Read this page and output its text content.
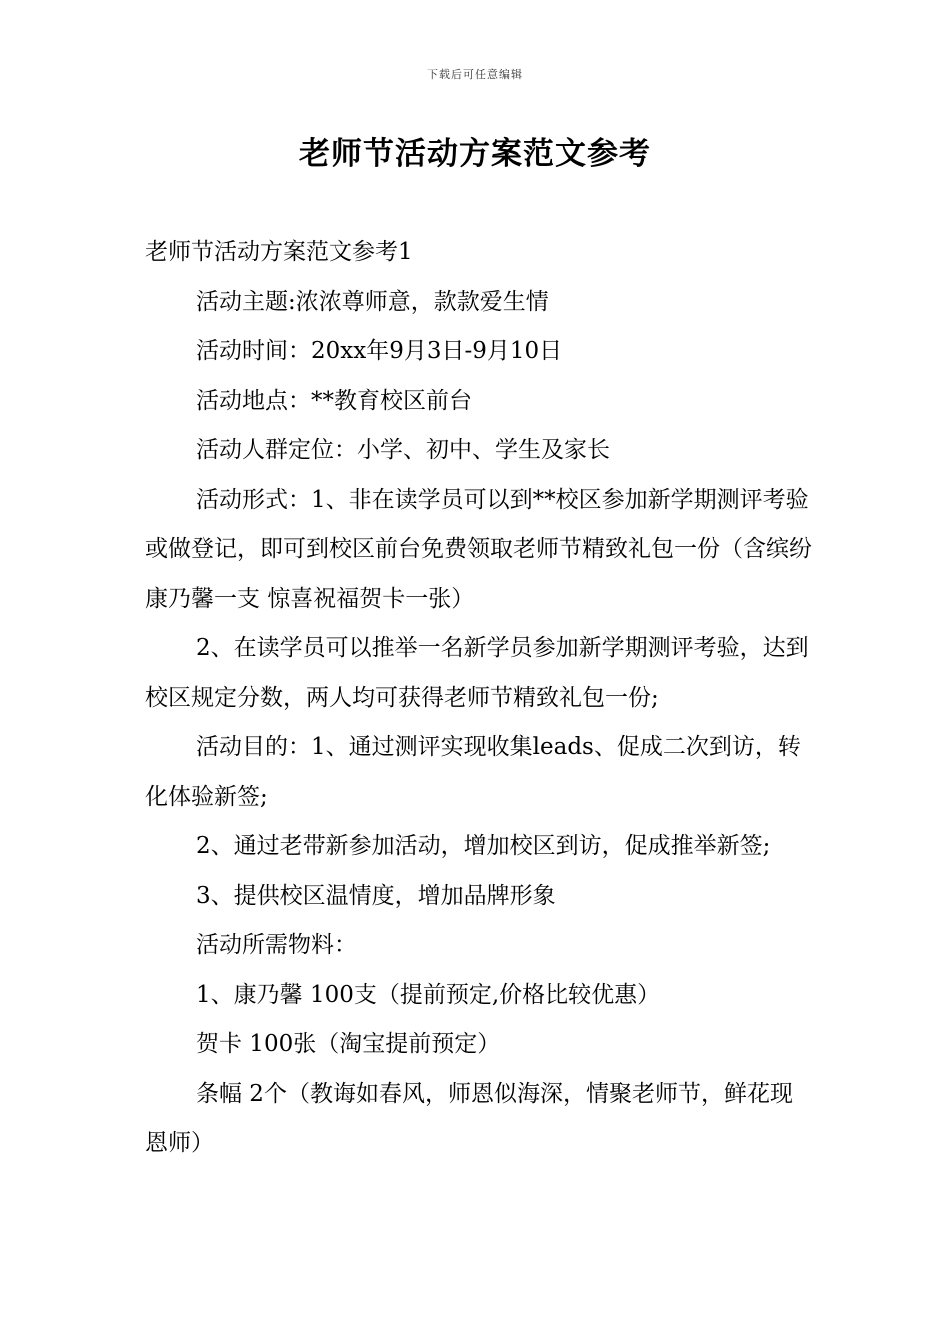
下载后可任意编辑
老师节活动方案范文参考

老师节活动方案范文参考1

活动主题:浓浓尊师意，款款爱生情

活动时间：20xx年9月3日-9月10日

活动地点：**教育校区前台

活动人群定位：小学、初中、学生及家长

活动形式：1、非在读学员可以到**校区参加新学期测评考验或做登记，即可到校区前台免费领取老师节精致礼包一份（含缤纷康乃馨一支 惊喜祝福贺卡一张）

2、在读学员可以推举一名新学员参加新学期测评考验，达到校区规定分数，两人均可获得老师节精致礼包一份;

活动目的：1、通过测评实现收集leads、促成二次到访，转化体验新签;

2、通过老带新参加活动，增加校区到访，促成推举新签;

3、提供校区温情度，增加品牌形象

活动所需物料：

1、康乃馨 100支（提前预定,价格比较优惠）

贺卡 100张（淘宝提前预定）

条幅 2个（教诲如春风，师恩似海深，情聚老师节，鲜花现恩师）
